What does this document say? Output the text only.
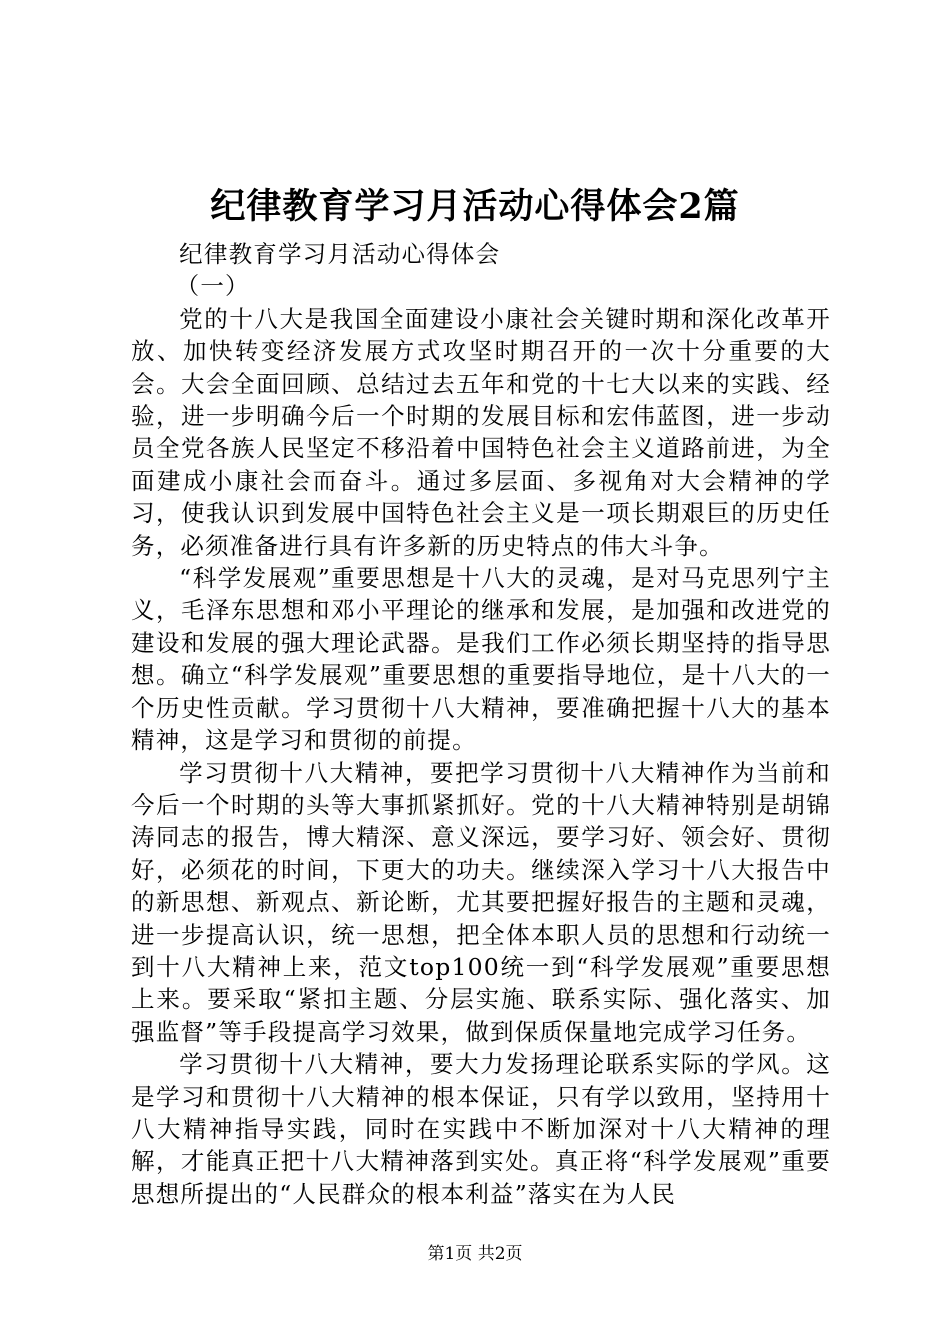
纪律教育学习月活动心得体会2篇

纪律教育学习月活动心得体会

（一）

党的十八大是我国全面建设小康社会关键时期和深化改革开放、加快转变经济发展方式攻坚时期召开的一次十分重要的大会。大会全面回顾、总结过去五年和党的十七大以来的实践、经验，进一步明确今后一个时期的发展目标和宏伟蓝图，进一步动员全党各族人民坚定不移沿着中国特色社会主义道路前进，为全面建成小康社会而奋斗。通过多层面、多视角对大会精神的学习，使我认识到发展中国特色社会主义是一项长期艰巨的历史任务，必须准备进行具有许多新的历史特点的伟大斗争。

“科学发展观”重要思想是十八大的灵魂，是对马克思列宁主义，毛泽东思想和邓小平理论的继承和发展，是加强和改进党的建设和发展的强大理论武器。是我们工作必须长期坚持的指导思想。确立“科学发展观”重要思想的重要指导地位，是十八大的一个历史性贡献。学习贯彻十八大精神，要准确把握十八大的基本精神，这是学习和贯彻的前提。

学习贯彻十八大精神，要把学习贯彻十八大精神作为当前和今后一个时期的头等大事抓紧抓好。党的十八大精神特别是胡锦涛同志的报告，博大精深、意义深远，要学习好、领会好、贯彻好，必须花的时间，下更大的功夫。继续深入学习十八大报告中的新思想、新观点、新论断，尤其要把握好报告的主题和灵魂，进一步提高认识，统一思想，把全体本职人员的思想和行动统一到十八大精神上来，范文top100统一到“科学发展观”重要思想上来。要采取“紧扣主题、分层实施、联系实际、强化落实、加强监督”等手段提高学习效果，做到保质保量地完成学习任务。

学习贯彻十八大精神，要大力发扬理论联系实际的学风。这是学习和贯彻十八大精神的根本保证，只有学以致用，坚持用十八大精神指导实践，同时在实践中不断加深对十八大精神的理解，才能真正把十八大精神落到实处。真正将“科学发展观”重要思想所提出的“人民群众的根本利益”落实在为人民

第1页 共2页
